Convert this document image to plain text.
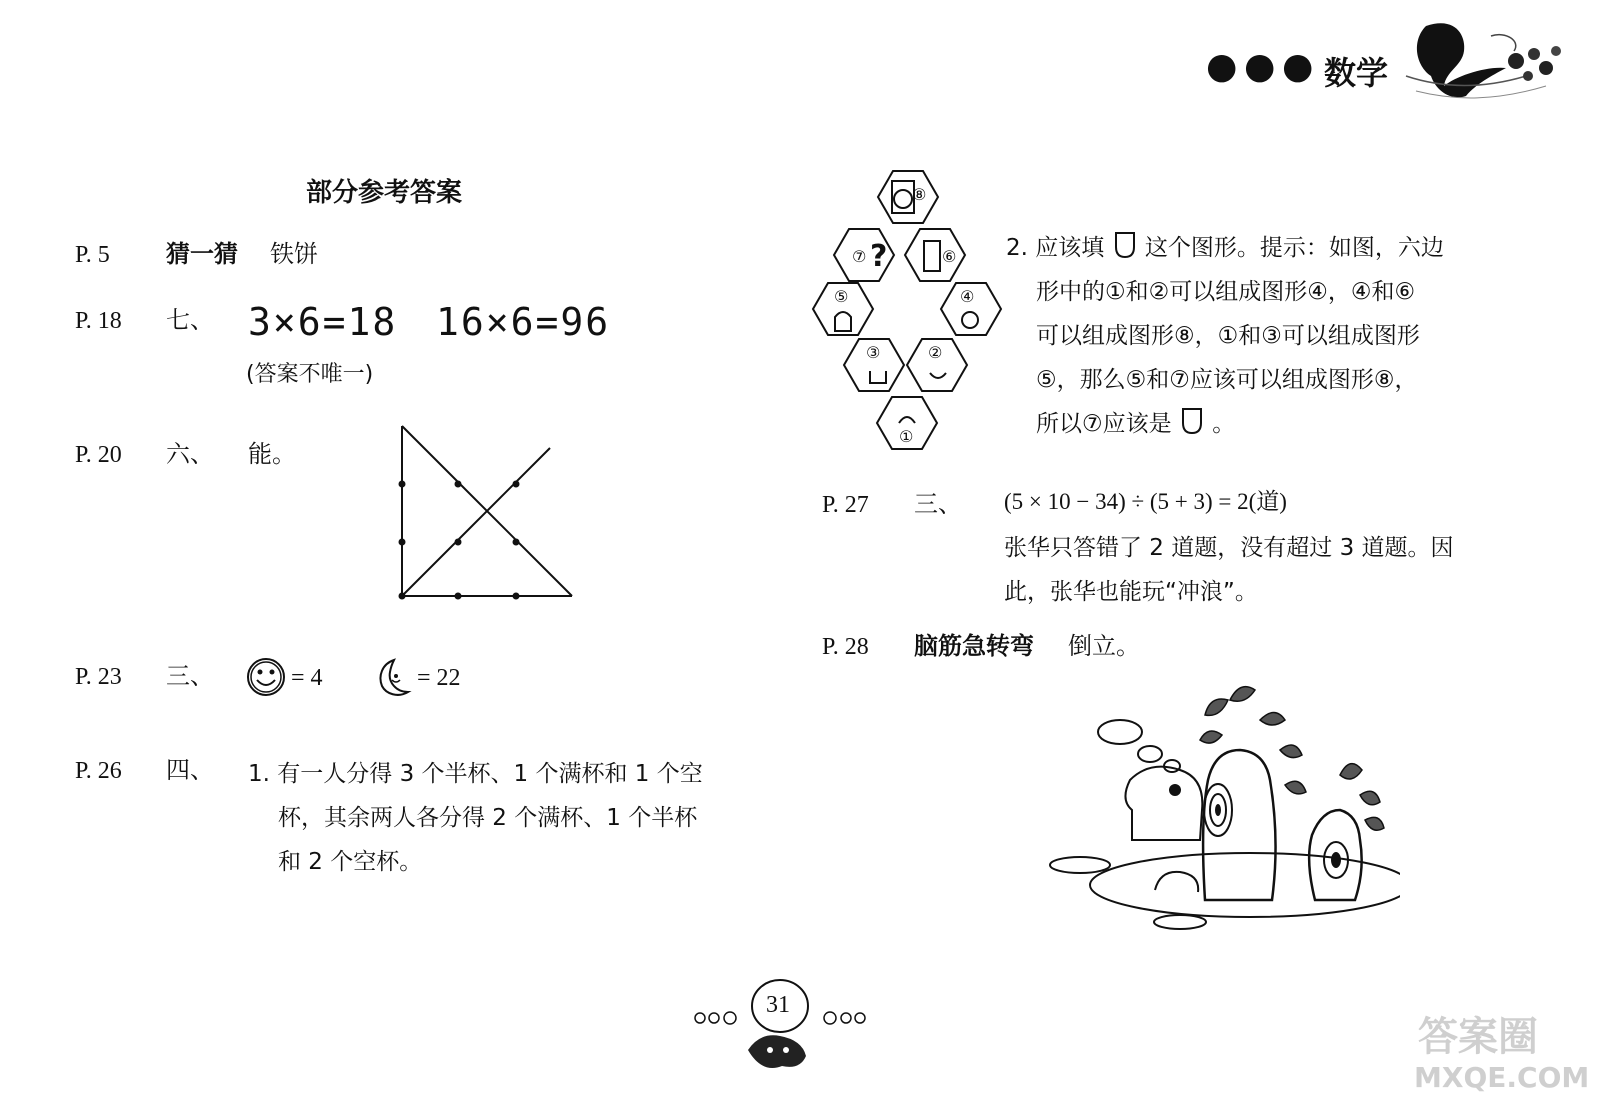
● ● ● 数学
部分参考答案
P. 5 猜一猜 铁饼
P. 18 七、 3×6=18 16×6=96
(答案不唯一)
P. 20 六、 能。
P. 23 三、	= 4	= 22
P. 26 四、 1. 有一人分得 3 个半杯、1 个满杯和 1 个空
杯，其余两人各分得 2 个满杯、1 个半杯
和 2 个空杯。
⑧
⑦ ?	⑥
⑤	④
③	②
①
2. 应该填 这个图形。提示：如图，六边
形中的①和②可以组成图形④，④和⑥
可以组成图形⑧，①和③可以组成图形
⑤，那么⑤和⑦应该可以组成图形⑧，
所以⑦应该是 。
P. 27 三、 (5 × 10 − 34) ÷ (5 + 3) = 2(道)
张华只答错了 2 道题，没有超过 3 道题。因
此，张华也能玩“冲浪”。
P. 28 脑筋急转弯 倒立。
31
答案圈
MXQE.COM
